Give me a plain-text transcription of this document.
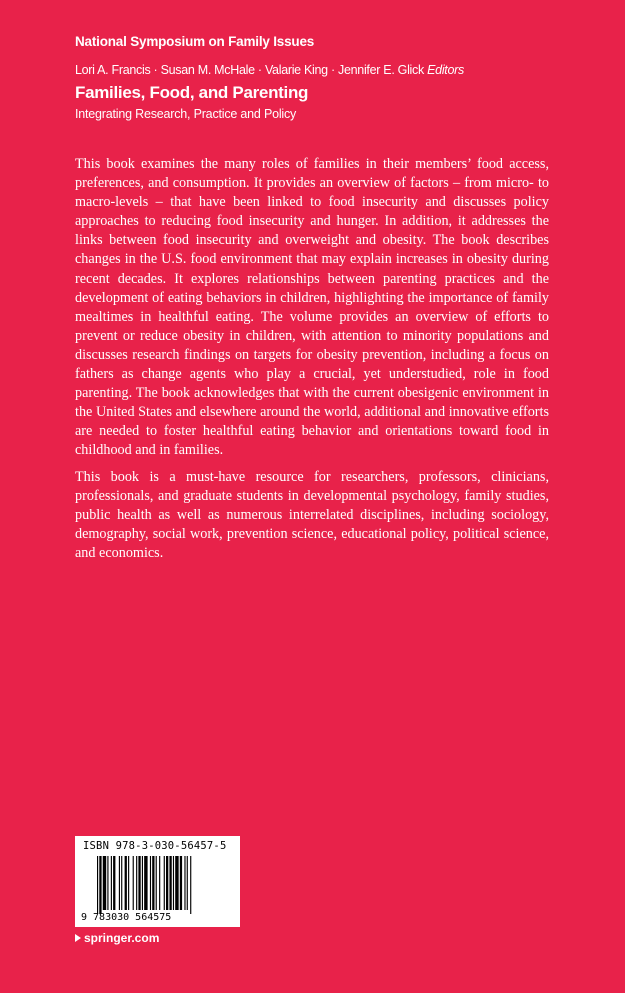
National Symposium on Family Issues
Lori A. Francis · Susan M. McHale · Valarie King · Jennifer E. Glick Editors
Families, Food, and Parenting
Integrating Research, Practice and Policy

This book examines the many roles of families in their members’ food access, preferences, and consumption. It provides an overview of factors – from micro- to macro-levels – that have been linked to food insecurity and discusses policy approaches to reducing food insecurity and hunger. In addition, it addresses the links between food insecurity and overweight and obesity. The book describes changes in the U.S. food environment that may explain increases in obesity during recent decades. It explores relationships between parenting practices and the development of eating behaviors in children, highlighting the importance of family mealtimes in healthful eating. The volume provides an overview of efforts to prevent or reduce obesity in children, with attention to minority populations and discusses research findings on targets for obesity prevention, including a focus on fathers as change agents who play a crucial, yet understudied, role in food parenting. The book acknowledges that with the current obesigenic environment in the United States and elsewhere around the world, additional and innovative efforts are needed to foster healthful eating behavior and orientations toward food in childhood and in families.

This book is a must-have resource for researchers, professors, clinicians, professionals, and graduate students in developmental psychology, family studies, public health as well as numerous interrelated disciplines, including sociology, demography, social work, prevention science, educational policy, political science, and economics.

ISBN 978-3-030-56457-5
9 783030 564575
springer.com
